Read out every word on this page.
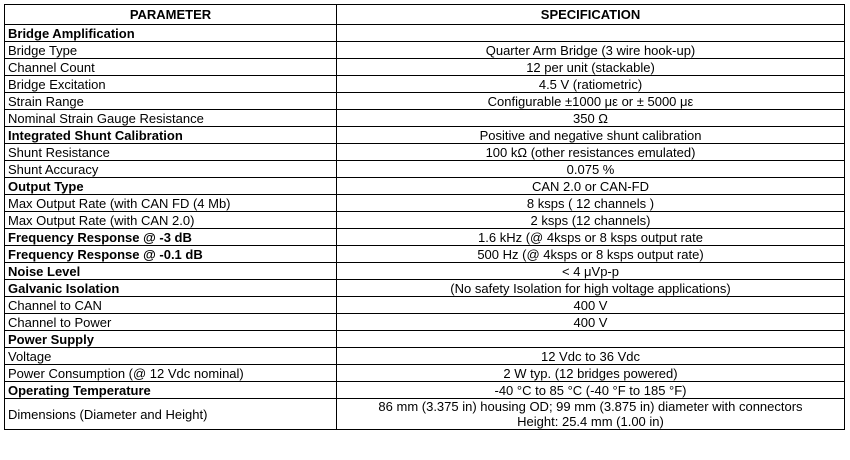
PARAMETER	SPECIFICATION
Bridge Amplification	
Bridge Type	Quarter Arm Bridge (3 wire hook-up)
Channel Count	12 per unit (stackable)
Bridge Excitation	4.5 V (ratiometric)
Strain Range	Configurable ±1000 με or ± 5000 με
Nominal Strain Gauge Resistance	350 Ω
Integrated Shunt Calibration	Positive and negative shunt calibration
Shunt Resistance	100 kΩ (other resistances emulated)
Shunt Accuracy	0.075 %
Output Type	CAN 2.0 or CAN-FD
Max Output Rate (with CAN FD (4 Mb)	8 ksps ( 12 channels )
Max Output Rate (with CAN 2.0)	2 ksps (12 channels)
Frequency Response @ -3 dB	1.6 kHz (@ 4ksps or 8 ksps output rate
Frequency Response @ -0.1 dB	500 Hz (@ 4ksps or 8 ksps output rate)
Noise Level	< 4 μVp-p
Galvanic Isolation	(No safety Isolation for high voltage applications)
Channel to CAN	400 V
Channel to Power	400 V
Power Supply	
Voltage	12 Vdc to 36 Vdc
Power Consumption (@ 12 Vdc nominal)	2 W typ. (12 bridges powered)
Operating Temperature	-40 °C to 85 °C (-40 °F to 185 °F)
Dimensions (Diameter and Height)	86 mm (3.375 in) housing OD; 99 mm (3.875 in) diameter with connectors
Height: 25.4 mm (1.00 in)
